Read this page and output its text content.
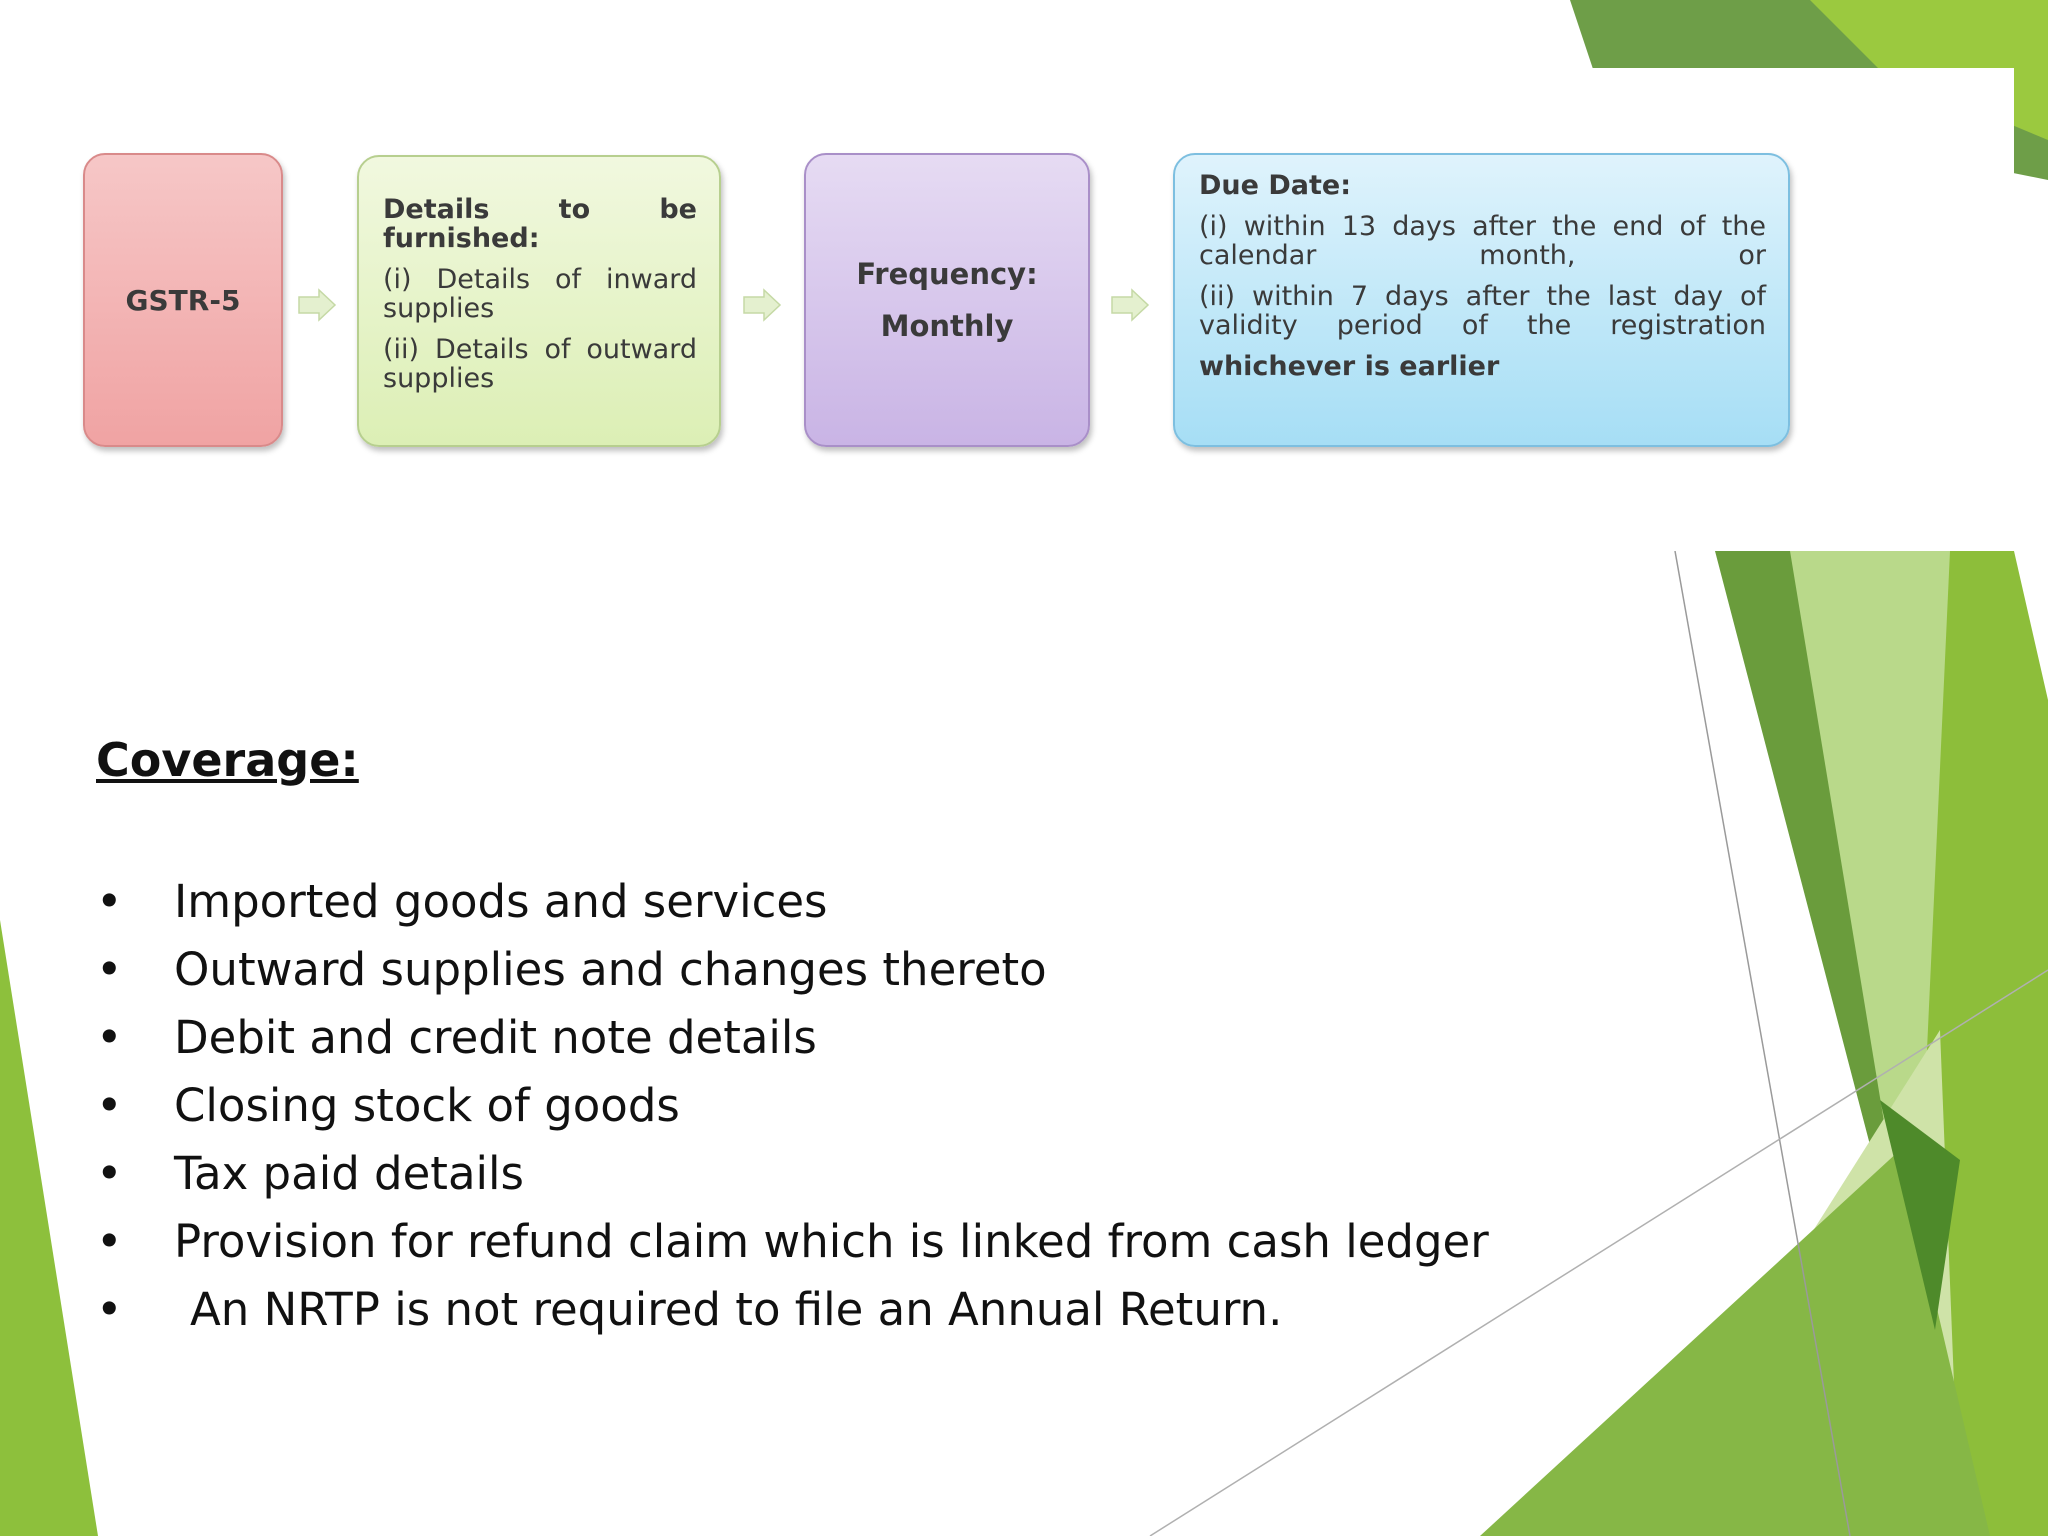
GSTR-5
Details to be furnished:
(i) Details of inward supplies
(ii) Details of outward supplies
Frequency:
Monthly
Due Date:
(i) within 13 days after the end of the calendar month, or
(ii) within 7 days after the last day of validity period of the registration
whichever is earlier
Coverage:
• Imported goods and services
• Outward supplies and changes thereto
• Debit and credit note details
• Closing stock of goods
• Tax paid details
• Provision for refund claim which is linked from cash ledger
• An NRTP is not required to file an Annual Return.
